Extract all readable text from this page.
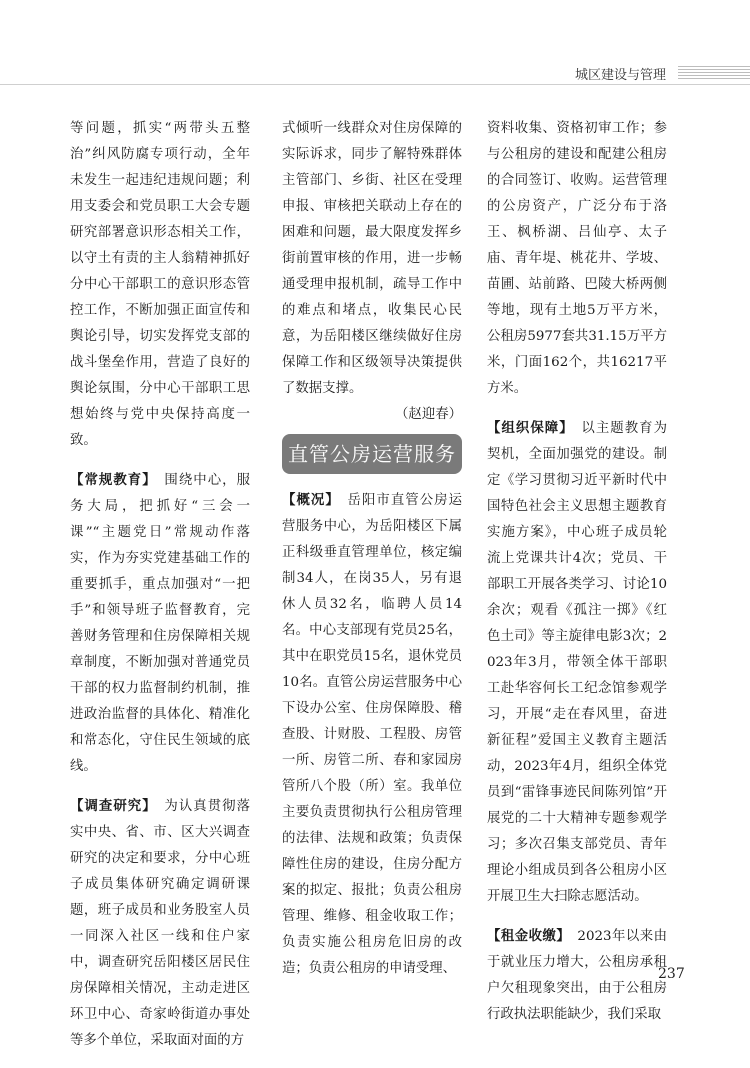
城区建设与管理

等问题，抓实“两带头五整治”纠风防腐专项行动，全年未发生一起违纪违规问题；利用支委会和党员职工大会专题研究部署意识形态相关工作，以守土有责的主人翁精神抓好分中心干部职工的意识形态管控工作，不断加强正面宣传和舆论引导，切实发挥党支部的战斗堡垒作用，营造了良好的舆论氛围，分中心干部职工思想始终与党中央保持高度一致。

【常规教育】　围绕中心，服务大局，把抓好“三会一课”“主题党日”常规动作落实，作为夯实党建基础工作的重要抓手，重点加强对“一把手”和领导班子监督教育，完善财务管理和住房保障相关规章制度，不断加强对普通党员干部的权力监督制约机制，推进政治监督的具体化、精准化和常态化，守住民生领域的底线。

【调查研究】　为认真贯彻落实中央、省、市、区大兴调查研究的决定和要求，分中心班子成员集体研究确定调研课题，班子成员和业务股室人员一同深入社区一线和住户家中，调查研究岳阳楼区居民住房保障相关情况，主动走进区环卫中心、奇家岭街道办事处等多个单位，采取面对面的方

式倾听一线群众对住房保障的实际诉求，同步了解特殊群体主管部门、乡街、社区在受理申报、审核把关联动上存在的困难和问题，最大限度发挥乡街前置审核的作用，进一步畅通受理申报机制，疏导工作中的难点和堵点，收集民心民意，为岳阳楼区继续做好住房保障工作和区级领导决策提供了数据支撑。

（赵迎春）

直管公房运营服务

【概况】　岳阳市直管公房运营服务中心，为岳阳楼区下属正科级垂直管理单位，核定编制34人，在岗35人，另有退休人员32名，临聘人员14名。中心支部现有党员25名，其中在职党员15名，退休党员10名。直管公房运营服务中心下设办公室、住房保障股、稽查股、计财股、工程股、房管一所、房管二所、春和家园房管所八个股（所）室。我单位主要负责贯彻执行公租房管理的法律、法规和政策；负责保障性住房的建设，住房分配方案的拟定、报批；负责公租房管理、维修、租金收取工作；负责实施公租房危旧房的改造；负责公租房的申请受理、

资料收集、资格初审工作；参与公租房的建设和配建公租房的合同签订、收购。运营管理的公房资产，广泛分布于洛王、枫桥湖、吕仙亭、太子庙、青年堤、桃花井、学坡、苗圃、站前路、巴陵大桥两侧等地，现有土地5万平方米，公租房5977套共31.15万平方米，门面162个，共16217平方米。

【组织保障】　以主题教育为契机，全面加强党的建设。制定《学习贯彻习近平新时代中国特色社会主义思想主题教育实施方案》，中心班子成员轮流上党课共计4次；党员、干部职工开展各类学习、讨论10余次；观看《孤注一掷》《红色土司》等主旋律电影3次；2023年3月，带领全体干部职工赴华容何长工纪念馆参观学习，开展“走在春风里，奋进新征程”爱国主义教育主题活动，2023年4月，组织全体党员到“雷锋事迹民间陈列馆”开展党的二十大精神专题参观学习；多次召集支部党员、青年理论小组成员到各公租房小区开展卫生大扫除志愿活动。

【租金收缴】　2023年以来由于就业压力增大，公租房承租户欠租现象突出，由于公租房行政执法职能缺少，我们采取

237
